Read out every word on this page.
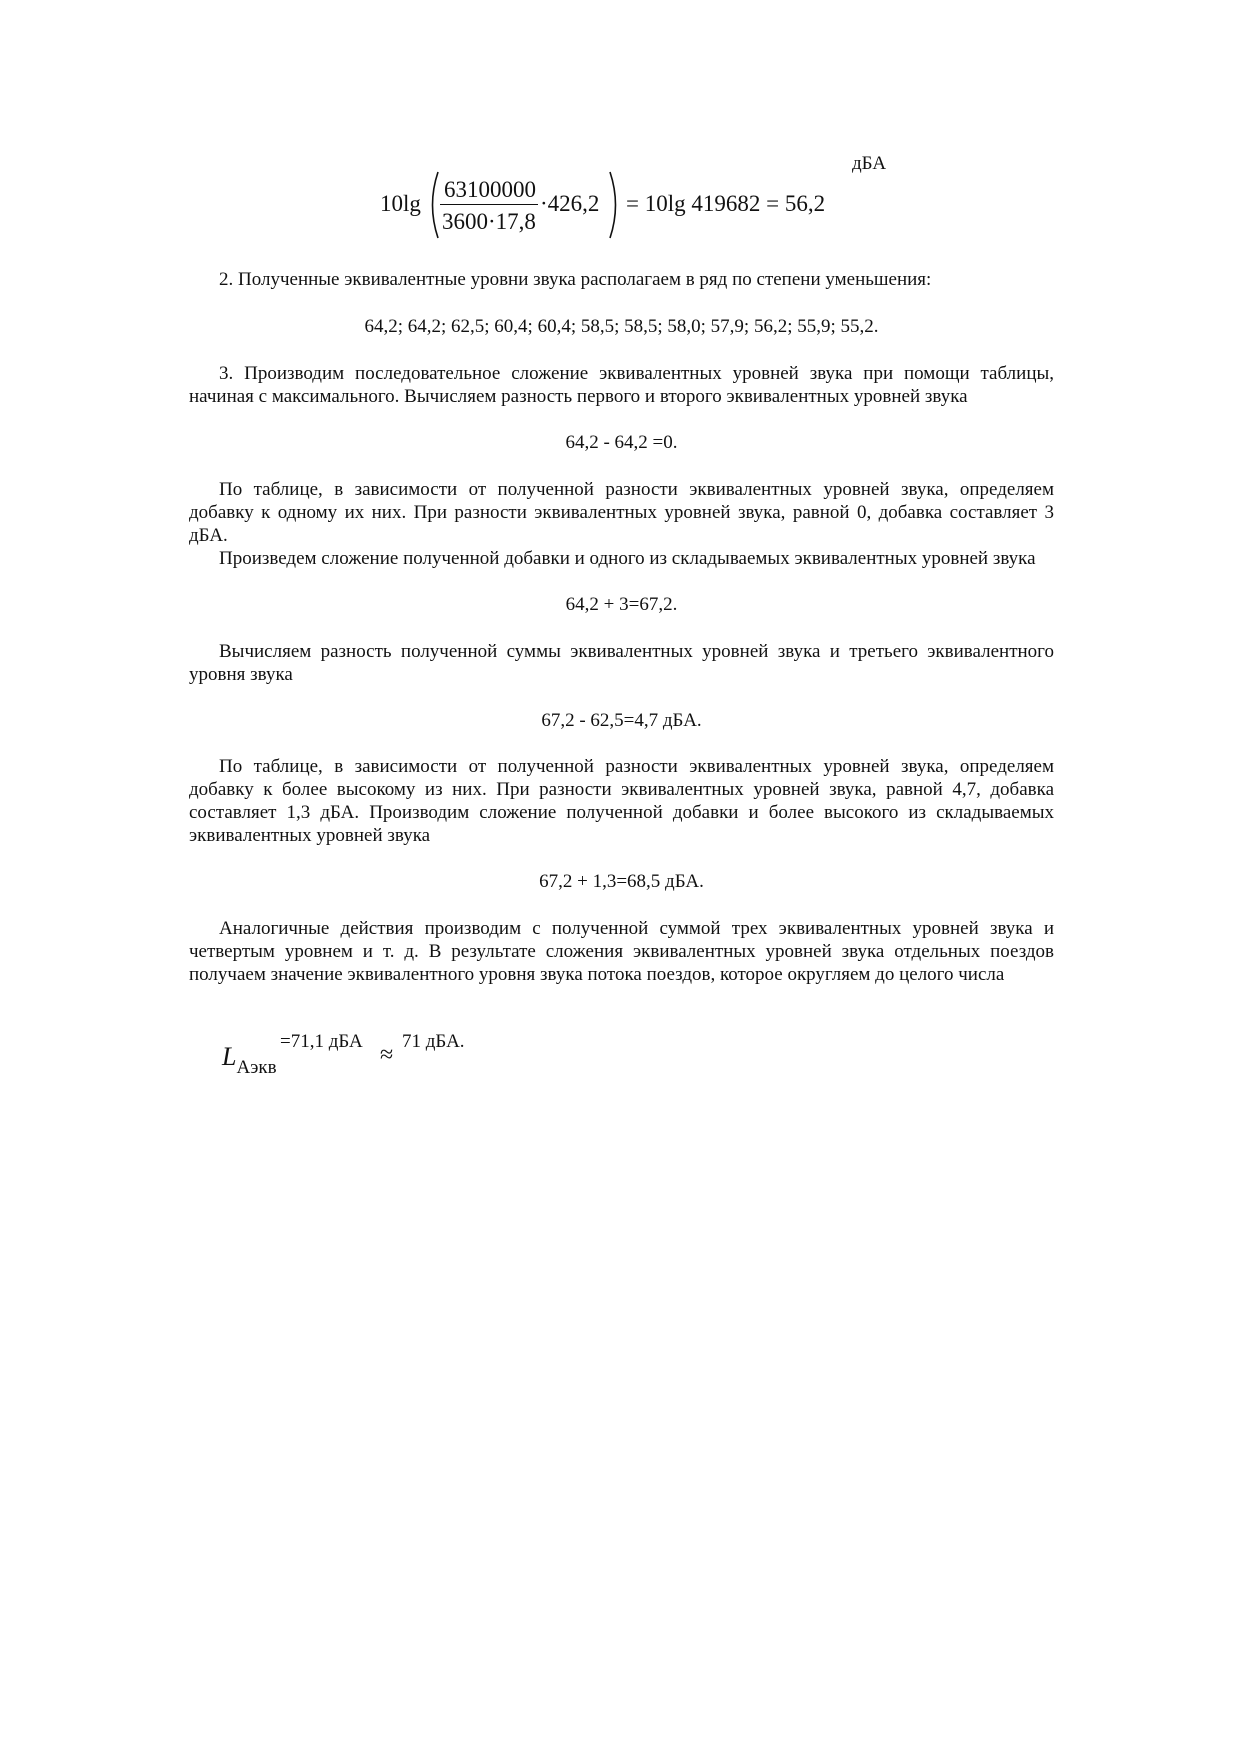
дБА
10lg
63100000
3600·17,8
·426,2 = 10lg 419682 = 56,2
2. Полученные эквивалентные уровни звука располагаем в ряд по степени уменьшения:
64,2; 64,2; 62,5; 60,4; 60,4; 58,5; 58,5; 58,0; 57,9; 56,2; 55,9; 55,2.
3. Производим последовательное сложение эквивалентных уровней звука при помощи таблицы, начиная с максимального. Вычисляем разность первого и второго эквивалентных уровней звука
64,2 - 64,2 =0.
По таблице, в зависимости от полученной разности эквивалентных уровней звука, определяем добавку к одному их них. При разности эквивалентных уровней звука, равной 0, добавка составляет 3 дБА.
Произведем сложение полученной добавки и одного из складываемых эквивалентных уровней звука
64,2 + 3=67,2.
Вычисляем разность полученной суммы эквивалентных уровней звука и третьего эквивалентного уровня звука
67,2 - 62,5=4,7 дБА.
По таблице, в зависимости от полученной разности эквивалентных уровней звука, определяем добавку к более высокому из них. При разности эквивалентных уровней звука, равной 4,7, добавка составляет 1,3 дБА. Производим сложение полученной добавки и более высокого из складываемых эквивалентных уровней звука
67,2 + 1,3=68,5 дБА.
Аналогичные действия производим с полученной суммой трех эквивалентных уровней звука и четвертым уровнем и т. д. В результате сложения эквивалентных уровней звука отдельных поездов получаем значение эквивалентного уровня звука потока поездов, которое округляем до целого числа
LАэкв
=71,1 дБА
≈
71 дБА.
